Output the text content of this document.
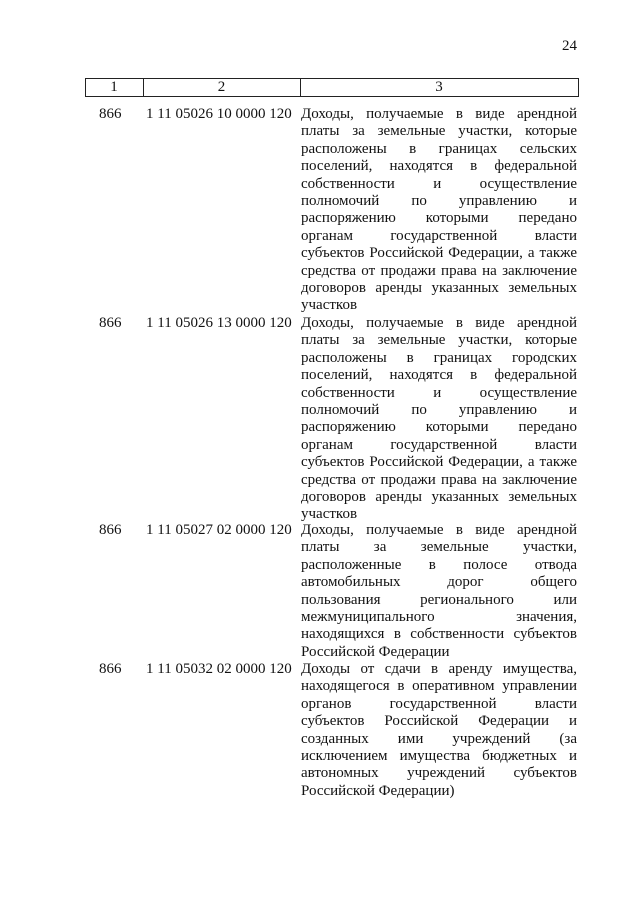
24
1	2	3
866 1 11 05026 10 0000 120 Доходы, получаемые в виде арендной
платы за земельные участки, которые
расположены в границах сельских
поселений, находятся в федеральной
собственности и осуществление
полномочий по управлению и
распоряжению которыми передано
органам государственной власти
субъектов Российской Федерации, а также
средства от продажи права на заключение
договоров аренды указанных земельных
участков
866 1 11 05026 13 0000 120 Доходы, получаемые в виде арендной
платы за земельные участки, которые
расположены в границах городских
поселений, находятся в федеральной
собственности и осуществление
полномочий по управлению и
распоряжению которыми передано
органам государственной власти
субъектов Российской Федерации, а также
средства от продажи права на заключение
договоров аренды указанных земельных
участков
866 1 11 05027 02 0000 120 Доходы, получаемые в виде арендной
платы за земельные участки,
расположенные в полосе отвода
автомобильных дорог общего
пользования регионального или
межмуниципального значения,
находящихся в собственности субъектов
Российской Федерации
866 1 11 05032 02 0000 120 Доходы от сдачи в аренду имущества,
находящегося в оперативном управлении
органов государственной власти
субъектов Российской Федерации и
созданных ими учреждений (за
исключением имущества бюджетных и
автономных учреждений субъектов
Российской Федерации)
